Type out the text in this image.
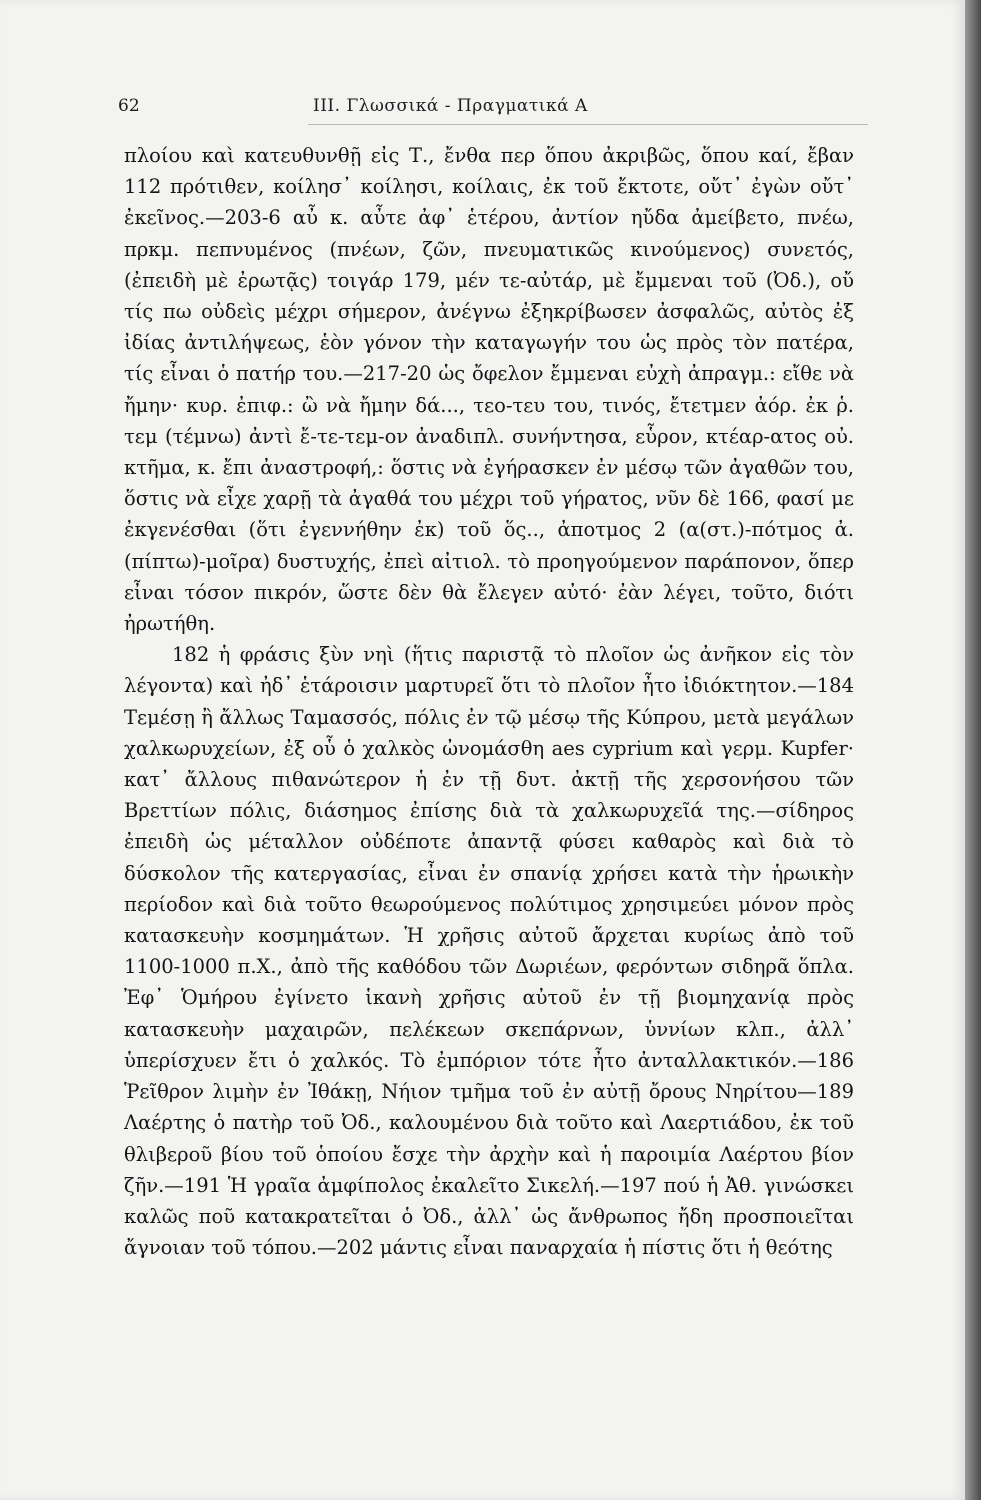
62	ΙΙΙ. Γλωσσικά - Πραγματικά Α

πλοίου καὶ κατευθυνθῇ εἰς Τ., ἔνθα περ ὅπου ἀκριβῶς, ὅπου καί, ἔβαν 112 πρότιθεν, κοίλησ᾽ κοίλησι, κοίλαις, ἐκ τοῦ ἔκτοτε, οὔτ᾽ ἐγὼν οὔτ᾽ ἐκεῖνος.—203-6 αὖ κ. αὖτε ἀφ᾽ ἑτέρου, ἀντίον ηὔδα ἀμείβετο, πνέω, πρκμ. πεπνυμένος (πνέων, ζῶν, πνευματικῶς κινούμενος) συνετός, (ἐπειδὴ μὲ ἐρωτᾷς) τοιγάρ 179, μέν τε-αὐτάρ, μὲ ἔμμεναι τοῦ (Ὀδ.), οὔ τίς πω οὐδεὶς μέχρι σήμερον, ἀνέγνω ἐξηκρίβωσεν ἀσφαλῶς, αὐτὸς ἐξ ἰδίας ἀντιλήψεως, ἑὸν γόνον τὴν καταγωγήν του ὡς πρὸς τὸν πατέρα, τίς εἶναι ὁ πατήρ του.—217-20 ὡς ὄφελον ἔμμεναι εὐχὴ ἀπραγμ.: εἴθε νὰ ἤμην· κυρ. ἐπιφ.: ὢ νὰ ἤμην δά..., τεο-τευ του, τινός, ἔτετμεν ἀόρ. ἐκ ῥ. τεμ (τέμνω) ἀντὶ ἔ-τε-τεμ-ον ἀναδιπλ. συνήντησα, εὗρον, κτέαρ-ατος οὐ. κτῆμα, κ. ἔπι ἀναστροφή,: ὅστις νὰ ἐγήρασκεν ἐν μέσῳ τῶν ἀγαθῶν του, ὅστις νὰ εἶχε χαρῇ τὰ ἀγαθά του μέχρι τοῦ γήρατος, νῦν δὲ 166, φασί με ἐκγενέσθαι (ὅτι ἐγεννήθην ἐκ) τοῦ ὅς.., ἀποτμος 2 (α(στ.)-πότμος ἀ. (πίπτω)-μοῖρα) δυστυχής, ἐπεὶ αἰτιολ. τὸ προηγούμενον παράπονον, ὅπερ εἶναι τόσον πικρόν, ὥστε δὲν θὰ ἔλεγεν αὐτό· ἐὰν λέγει, τοῦτο, διότι ἠρωτήθη.

182 ἡ φράσις ξὺν νηὶ (ἥτις παριστᾷ τὸ πλοῖον ὡς ἀνῆκον εἰς τὸν λέγοντα) καὶ ἠδ᾽ ἑτάροισιν μαρτυρεῖ ὅτι τὸ πλοῖον ἦτο ἰδιόκτητον.—184 Τεμέσῃ ἢ ἄλλως Ταμασσός, πόλις ἐν τῷ μέσῳ τῆς Κύπρου, μετὰ μεγάλων χαλκωρυχείων, ἐξ οὗ ὁ χαλκὸς ὠνομάσθη aes cyprium καὶ γερμ. Kupfer· κατ᾽ ἄλλους πιθανώτερον ἡ ἐν τῇ δυτ. ἀκτῇ τῆς χερσονήσου τῶν Βρεττίων πόλις, διάσημος ἐπίσης διὰ τὰ χαλκωρυχεῖά της.—σίδηρος ἐπειδὴ ὡς μέταλλον οὐδέποτε ἀπαντᾷ φύσει καθαρὸς καὶ διὰ τὸ δύσκολον τῆς κατεργασίας, εἶναι ἐν σπανίᾳ χρήσει κατὰ τὴν ἡρωικὴν περίοδον καὶ διὰ τοῦτο θεωρούμενος πολύτιμος χρησιμεύει μόνον πρὸς κατασκευὴν κοσμημάτων. Ἡ χρῆσις αὐτοῦ ἄρχεται κυρίως ἀπὸ τοῦ 1100-1000 π.Χ., ἀπὸ τῆς καθόδου τῶν Δωριέων, φερόντων σιδηρᾶ ὅπλα. Ἐφ᾽ Ὁμήρου ἐγίνετο ἱκανὴ χρῆσις αὐτοῦ ἐν τῇ βιομηχανίᾳ πρὸς κατασκευὴν μαχαιρῶν, πελέκεων σκεπάρνων, ὑννίων κλπ., ἀλλ᾽ ὑπερίσχυεν ἔτι ὁ χαλκός. Τὸ ἐμπόριον τότε ἦτο ἀνταλλακτικόν.—186 Ῥεῖθρον λιμὴν ἐν Ἰθάκῃ, Νήιον τμῆμα τοῦ ἐν αὐτῇ ὄρους Νηρίτου—189 Λαέρτης ὁ πατὴρ τοῦ Ὀδ., καλουμένου διὰ τοῦτο καὶ Λαερτιάδου, ἐκ τοῦ θλιβεροῦ βίου τοῦ ὁποίου ἔσχε τὴν ἀρχὴν καὶ ἡ παροιμία Λαέρτου βίον ζῆν.—191 Ἡ γραῖα ἀμφίπολος ἐκαλεῖτο Σικελή.—197 πού ἡ Ἀθ. γινώσκει καλῶς ποῦ κατακρατεῖται ὁ Ὀδ., ἀλλ᾽ ὡς ἄνθρωπος ἤδη προσποιεῖται ἄγνοιαν τοῦ τόπου.—202 μάντις εἶναι παναρχαία ἡ πίστις ὅτι ἡ θεότης
